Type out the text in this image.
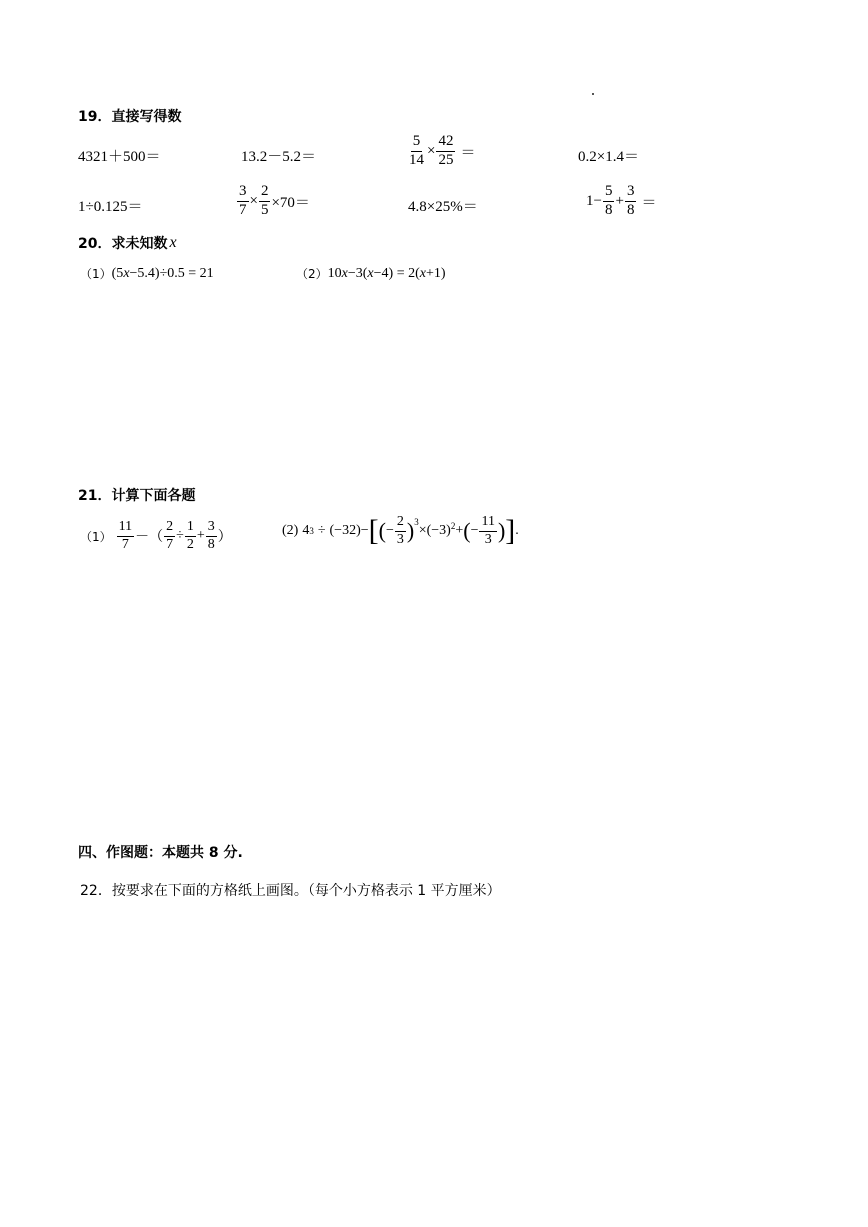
19．直接写得数
4321＋500＝	13.2－5.2＝	$\frac{5}{14} \times \frac{42}{25}$ ＝	0.2×1.4＝
1÷0.125＝	$\frac{3}{7} \times \frac{2}{5} \times 70=$	4.8×25%＝	$1- \frac{5}{8} + \frac{3}{8}$ ＝
20．求未知数 x
（1） (5 x −5.4)÷0.5 = 21	（2） 10 x −3( x −4) = 2( x +1)
21．计算下面各题
$(1) \frac{11}{7}$ －（ $\frac{2}{7} \div \frac{1}{2} + \frac{3}{8}$ ）	(2) 4 3 ÷ (−32) − [ ( − $\frac{2}{3} )^3$
$\times(-3)^2$ + ( − $\frac{11}{3}$ ) ] .
四、作图题：本题共 8 分.
22．按要求在下面的方格纸上画图。（每个小方格表示 1 平方厘米）
